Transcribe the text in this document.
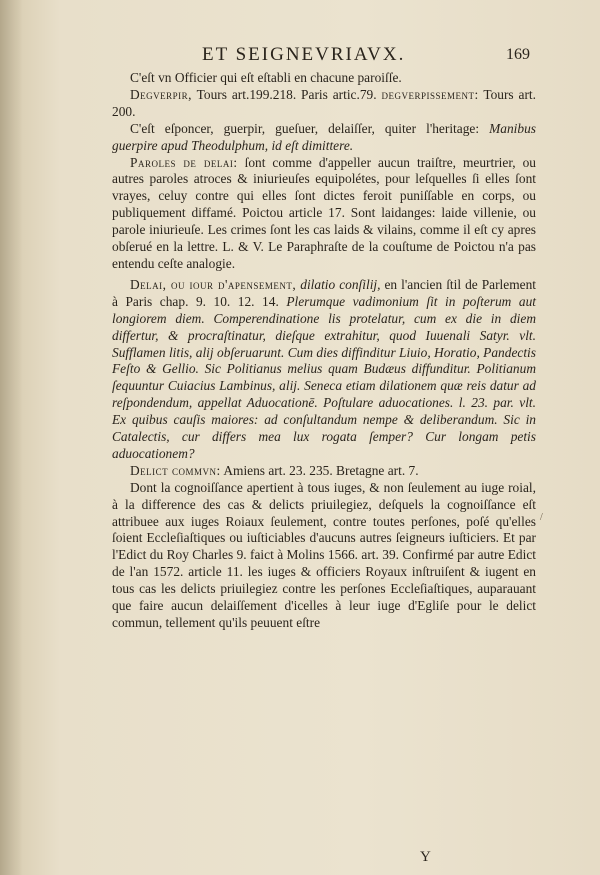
ET SEIGNEVRIAVX.	169

C'eſt vn Officier qui eſt eſtabli en chacune paroiſſe.

Degverpir, Tours art.199.218. Paris artic.79. degverpissement: Tours art. 200.

C'eſt eſponcer, guerpir, gueſuer, delaiſſer, quiter l'heritage: Manibus guerpire apud Theodulphum, id eſt dimittere.

Paroles de delai: ſont comme d'appeller aucun traiſtre, meurtrier, ou autres paroles atroces & iniurieuſes equipolétes, pour leſquelles ſi elles ſont vrayes, celuy contre qui elles ſont dictes feroit puniſſable en corps, ou publiquement diffamé. Poictou article 17. Sont laidanges: laide villenie, ou parole iniurieuſe. Les crimes ſont les cas laids & vilains, comme il eſt cy apres obſerué en la lettre. L. & V. Le Paraphraſte de la couſtume de Poictou n'a pas entendu ceſte analogie.

Delai, ou iour d'apensement, dilatio conſilij, en l'ancien ſtil de Parlement à Paris chap. 9. 10. 12. 14. Plerumque vadimonium ſit in poſterum aut longiorem diem. Comperendinatione lis protelatur, cum ex die in diem differtur, & procraſtinatur, dieſque extrahitur, quod Iuuenali Satyr. vlt. Sufflamen litis, alij obſeruarunt. Cum dies diffinditur Liuio, Horatio, Pandectis Feſto & Gellio. Sic Politianus melius quam Budæus diffunditur. Politianum ſequuntur Cuiacius Lambinus, alij. Seneca etiam dilationem quæ reis datur ad reſpondendum, appellat Aduocationē. Poſtulare aduocationes. l. 23. par. vlt. Ex quibus cauſis maiores: ad conſultandum nempe & deliberandum. Sic in Catalectis, cur differs mea lux rogata ſemper? Cur longam petis aduocationem?

Delict commvn: Amiens art. 23. 235. Bretagne art. 7.

Dont la cognoiſſance apertient à tous iuges, & non ſeulement au iuge roial, à la difference des cas & delicts priuilegiez, deſquels la cognoiſſance eſt attribuee aux iuges Roiaux ſeulement, contre toutes perſones, poſé qu'elles ſoient Eccleſiaſtiques ou iuſticiables d'aucuns autres ſeigneurs iuſticiers. Et par l'Edict du Roy Charles 9. faict à Molins 1566. art. 39. Confirmé par autre Edict de l'an 1572. article 11. les iuges & officiers Royaux inſtruiſent & iugent en tous cas les delicts priuilegiez contre les perſones Eccleſiaſtiques, auparauant que faire aucun delaiſſement d'icelles à leur iuge d'Egliſe pour le delict commun, tellement qu'ils peuuent eſtre

/
Y
